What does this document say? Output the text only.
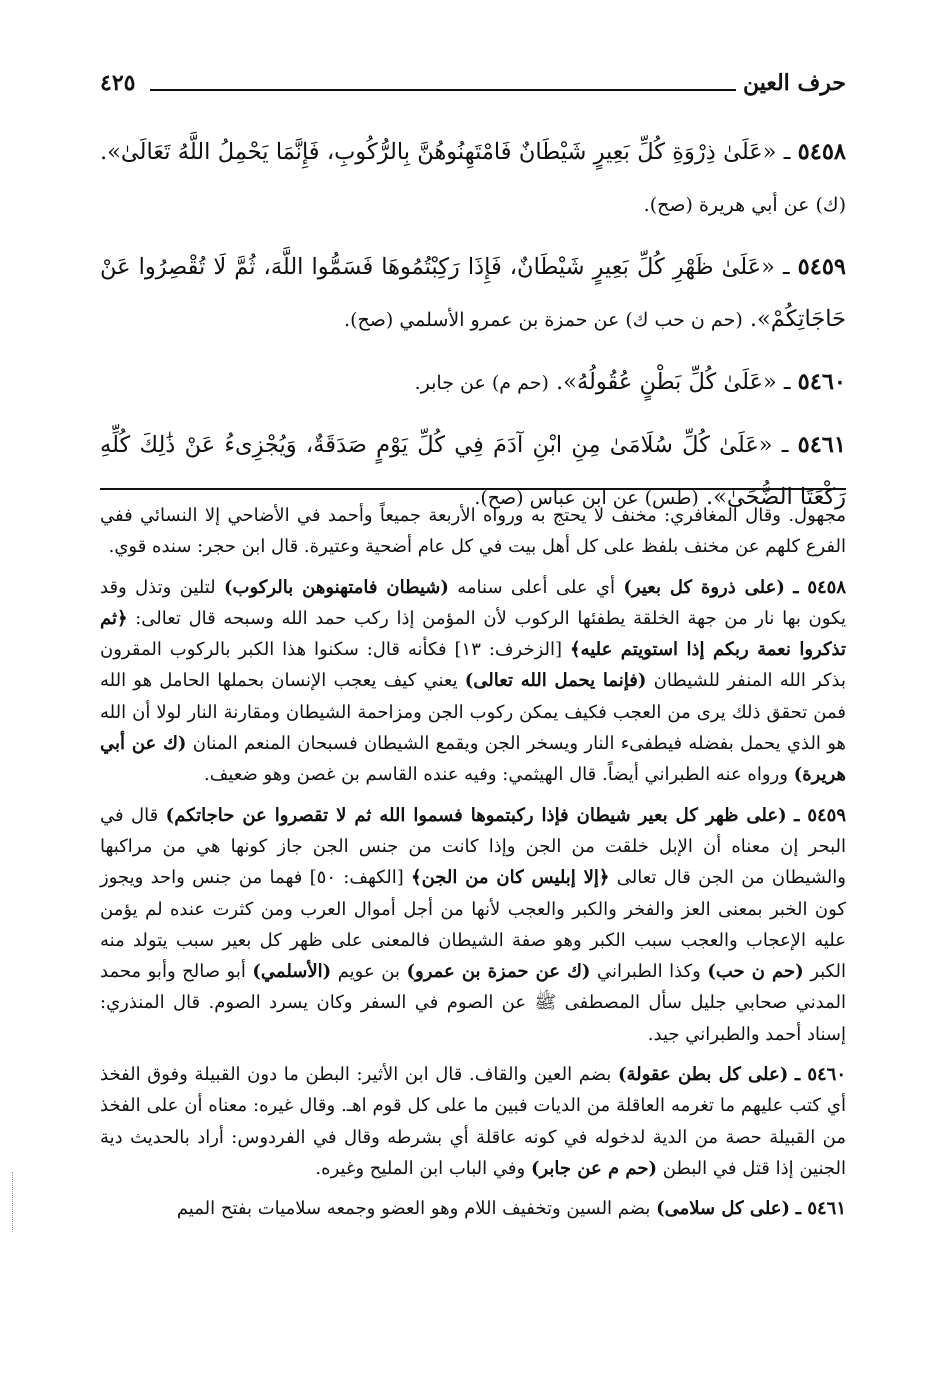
حرف العين
٤٢٥
٥٤٥٨ ـ «عَلَىٰ ذِرْوَةِ كُلِّ بَعِيرٍ شَيْطَانٌ فَامْتَهِنُوهُنَّ بِالرُّكُوبِ، فَإِنَّمَا يَحْمِلُ اللَّهُ تَعَالَىٰ». (ك) عن أبي هريرة (صح).
٥٤٥٩ ـ «عَلَىٰ ظَهْرِ كُلِّ بَعِيرٍ شَيْطَانٌ، فَإِذَا رَكِبْتُمُوهَا فَسَمُّوا اللَّهَ، ثُمَّ لَا تُقْصِرُوا عَنْ حَاجَاتِكُمْ». (حم ن حب ك) عن حمزة بن عمرو الأسلمي (صح).
٥٤٦٠ ـ «عَلَىٰ كُلِّ بَطْنٍ عُقُولُهُ». (حم م) عن جابر.
٥٤٦١ ـ «عَلَىٰ كُلِّ سُلَامَىٰ مِنِ ابْنِ آدَمَ فِي كُلِّ يَوْمٍ صَدَقَةٌ، وَيُجْزِىءُ عَنْ ذَٰلِكَ كُلِّهِ رَكْعَتَا الضُّحَىٰ». (طس) عن ابن عباس (صح).

مجهول. وقال المغافري: مخنف لا يحتج به ورواه الأربعة جميعاً وأحمد في الأضاحي إلا النسائي ففي الفرع كلهم عن مخنف بلفظ على كل أهل بيت في كل عام أضحية وعتيرة. قال ابن حجر: سنده قوي.

٥٤٥٨ ـ (على ذروة كل بعير) أي على أعلى سنامه (شيطان فامتهنوهن بالركوب) لتلين وتذل وقد يكون بها نار من جهة الخلقة يطفئها الركوب لأن المؤمن إذا ركب حمد الله وسبحه قال تعالى: ﴿ثم تذكروا نعمة ربكم إذا استويتم عليه﴾ [الزخرف: ١٣] فكأنه قال: سكنوا هذا الكبر بالركوب المقرون بذكر الله المنفر للشيطان (فإنما يحمل الله تعالى) يعني كيف يعجب الإنسان بحملها الحامل هو الله فمن تحقق ذلك يرى من العجب فكيف يمكن ركوب الجن ومزاحمة الشيطان ومقارنة النار لولا أن الله هو الذي يحمل بفضله فيطفىء النار ويسخر الجن ويقمع الشيطان فسبحان المنعم المنان (ك عن أبي هريرة) ورواه عنه الطبراني أيضاً. قال الهيثمي: وفيه عنده القاسم بن غصن وهو ضعيف.

٥٤٥٩ ـ (على ظهر كل بعير شيطان فإذا ركبتموها فسموا الله ثم لا تقصروا عن حاجاتكم) قال في البحر إن معناه أن الإبل خلقت من الجن وإذا كانت من جنس الجن جاز كونها هي من مراكبها والشيطان من الجن قال تعالى ﴿إلا إبليس كان من الجن﴾ [الكهف: ٥٠] فهما من جنس واحد ويجوز كون الخبر بمعنى العز والفخر والكبر والعجب لأنها من أجل أموال العرب ومن كثرت عنده لم يؤمن عليه الإعجاب والعجب سبب الكبر وهو صفة الشيطان فالمعنى على ظهر كل بعير سبب يتولد منه الكبر (حم ن حب) وكذا الطبراني (ك عن حمزة بن عمرو) بن عويم (الأسلمي) أبو صالح وأبو محمد المدني صحابي جليل سأل المصطفى ﷺ عن الصوم في السفر وكان يسرد الصوم. قال المنذري: إسناد أحمد والطبراني جيد.

٥٤٦٠ ـ (على كل بطن عقولة) بضم العين والقاف. قال ابن الأثير: البطن ما دون القبيلة وفوق الفخذ أي كتب عليهم ما تغرمه العاقلة من الديات فبين ما على كل قوم اهـ. وقال غيره: معناه أن على الفخذ من القبيلة حصة من الدية لدخوله في كونه عاقلة أي بشرطه وقال في الفردوس: أراد بالحديث دية الجنين إذا قتل في البطن (حم م عن جابر) وفي الباب ابن المليح وغيره.

٥٤٦١ ـ (على كل سلامى) بضم السين وتخفيف اللام وهو العضو وجمعه سلاميات بفتح الميم
